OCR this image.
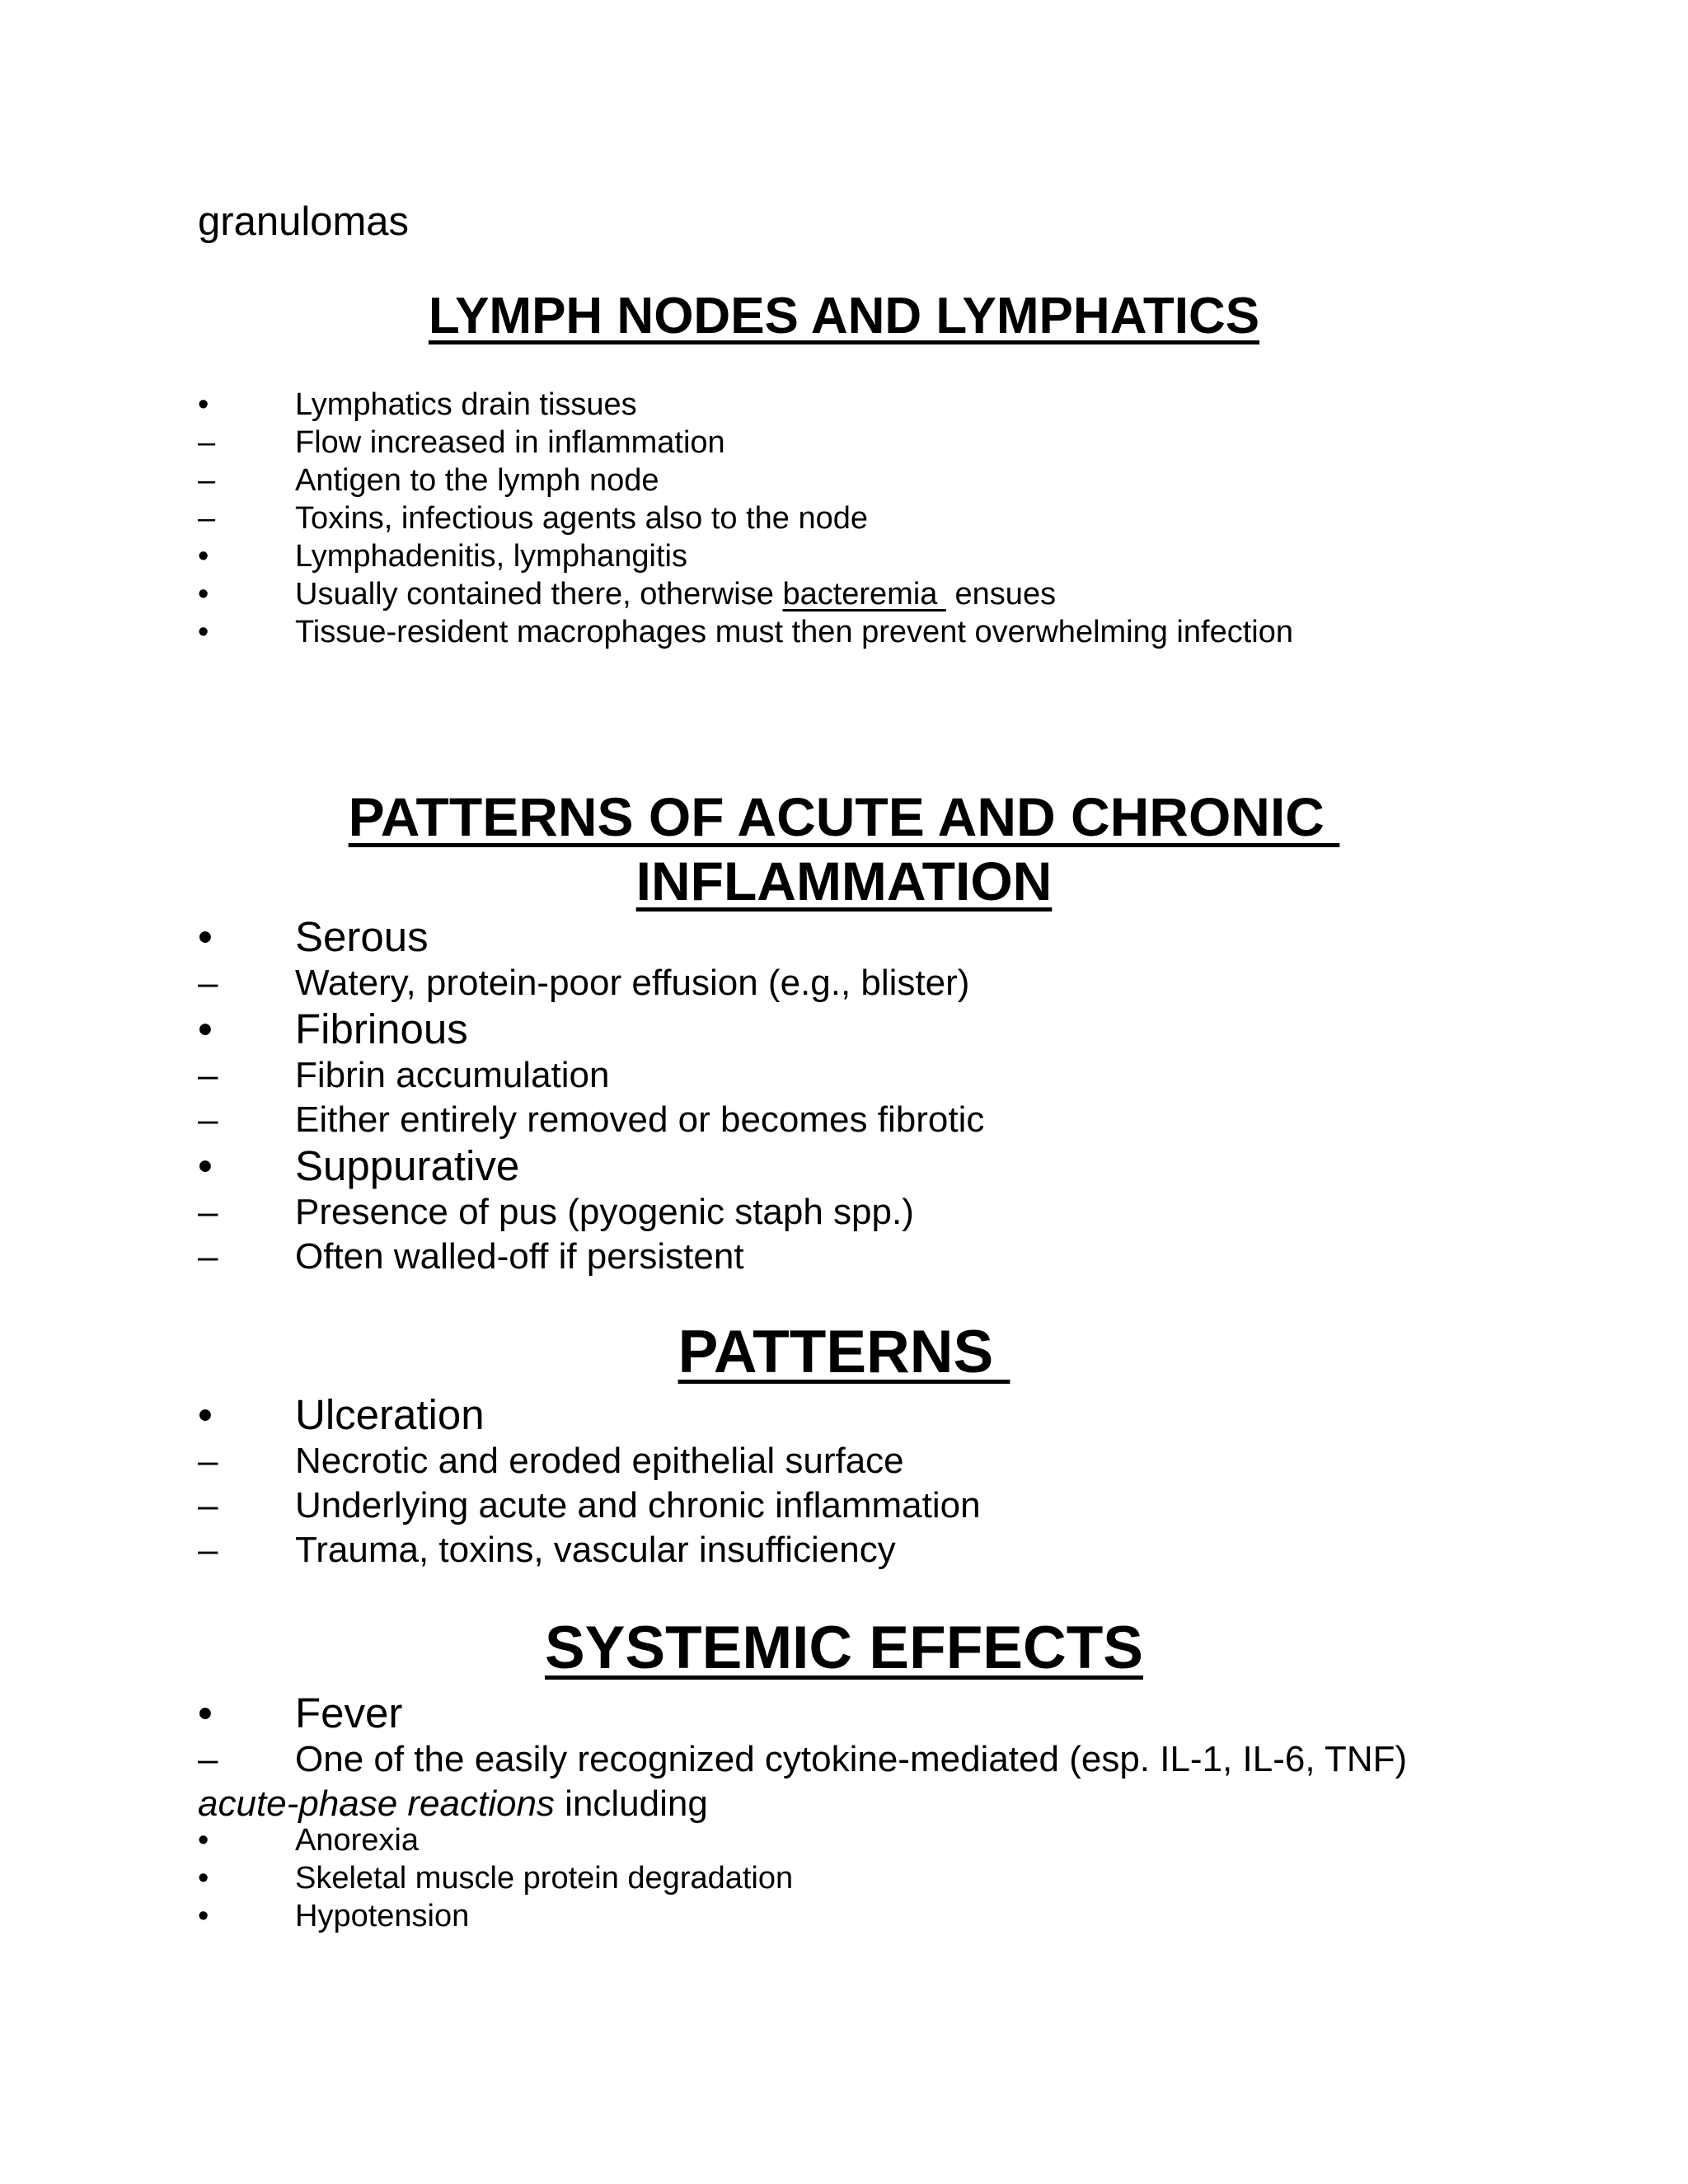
granulomas
LYMPH NODES AND LYMPHATICS
•	Lymphatics drain tissues
–	Flow increased in inflammation
–	Antigen to the lymph node
–	Toxins, infectious agents also to the node
•	Lymphadenitis, lymphangitis
•	Usually contained there, otherwise bacteremia  ensues
•	Tissue-resident macrophages must then prevent overwhelming infection
PATTERNS OF ACUTE AND CHRONIC
INFLAMMATION
• Serous
– Watery, protein-poor effusion (e.g., blister)
• Fibrinous
– Fibrin accumulation
– Either entirely removed or becomes fibrotic
• Suppurative
– Presence of pus (pyogenic staph spp.)
– Often walled-off if persistent
PATTERNS
• Ulceration
– Necrotic and eroded epithelial surface
– Underlying acute and chronic inflammation
– Trauma, toxins, vascular insufficiency
SYSTEMIC EFFECTS
• Fever
– One of the easily recognized cytokine-mediated (esp. IL-1, IL-6, TNF)
acute-phase reactions including
•	Anorexia
•	Skeletal muscle protein degradation
•	Hypotension
